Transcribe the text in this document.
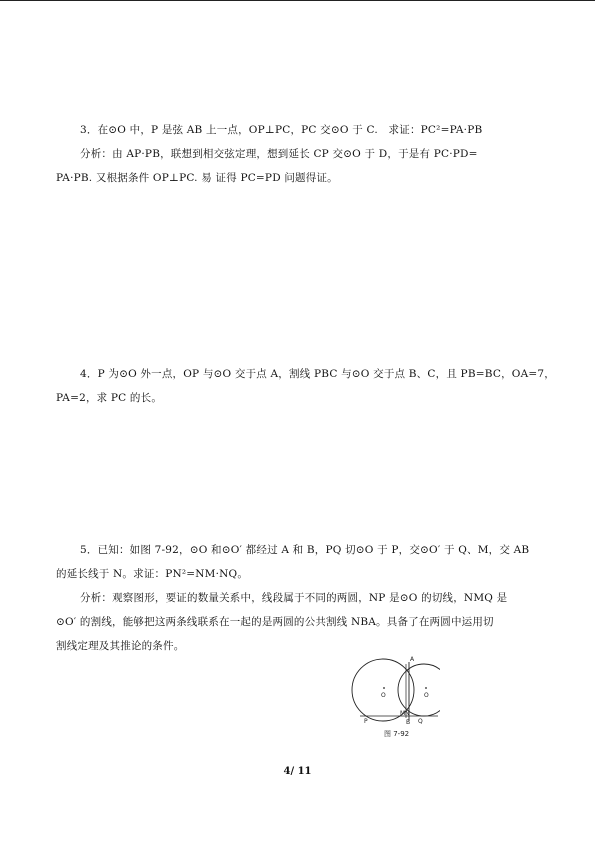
3．在⊙O 中，P 是弦 AB 上一点，OP⊥PC，PC 交⊙O 于 C.　求证：PC²=PA·PB
分析：由 AP·PB，联想到相交弦定理，想到延长 CP 交⊙O 于 D，于是有 PC·PD=
PA·PB. 又根据条件 OP⊥PC. 易 证得 PC=PD 问题得证。
4．P 为⊙O 外一点，OP 与⊙O 交于点 A，割线 PBC 与⊙O 交于点 B、C，且 PB=BC，OA=7，
PA=2，求 PC 的长。
5．已知：如图 7-92，⊙O 和⊙O′ 都经过 A 和 B，PQ 切⊙O 于 P，交⊙O′ 于 Q、M，交 AB
的延长线于 N。求证：PN²=NM·NQ。
分析：观察图形，要证的数量关系中，线段属于不同的两圆，NP 是⊙O 的切线，NMQ 是
⊙O′ 的割线，能够把这两条线联系在一起的是两圆的公共割线 NBA。具备了在两圆中运用切
割线定理及其推论的条件。
A
O	O
P
M N
B Q
图 7-92
4/ 11
